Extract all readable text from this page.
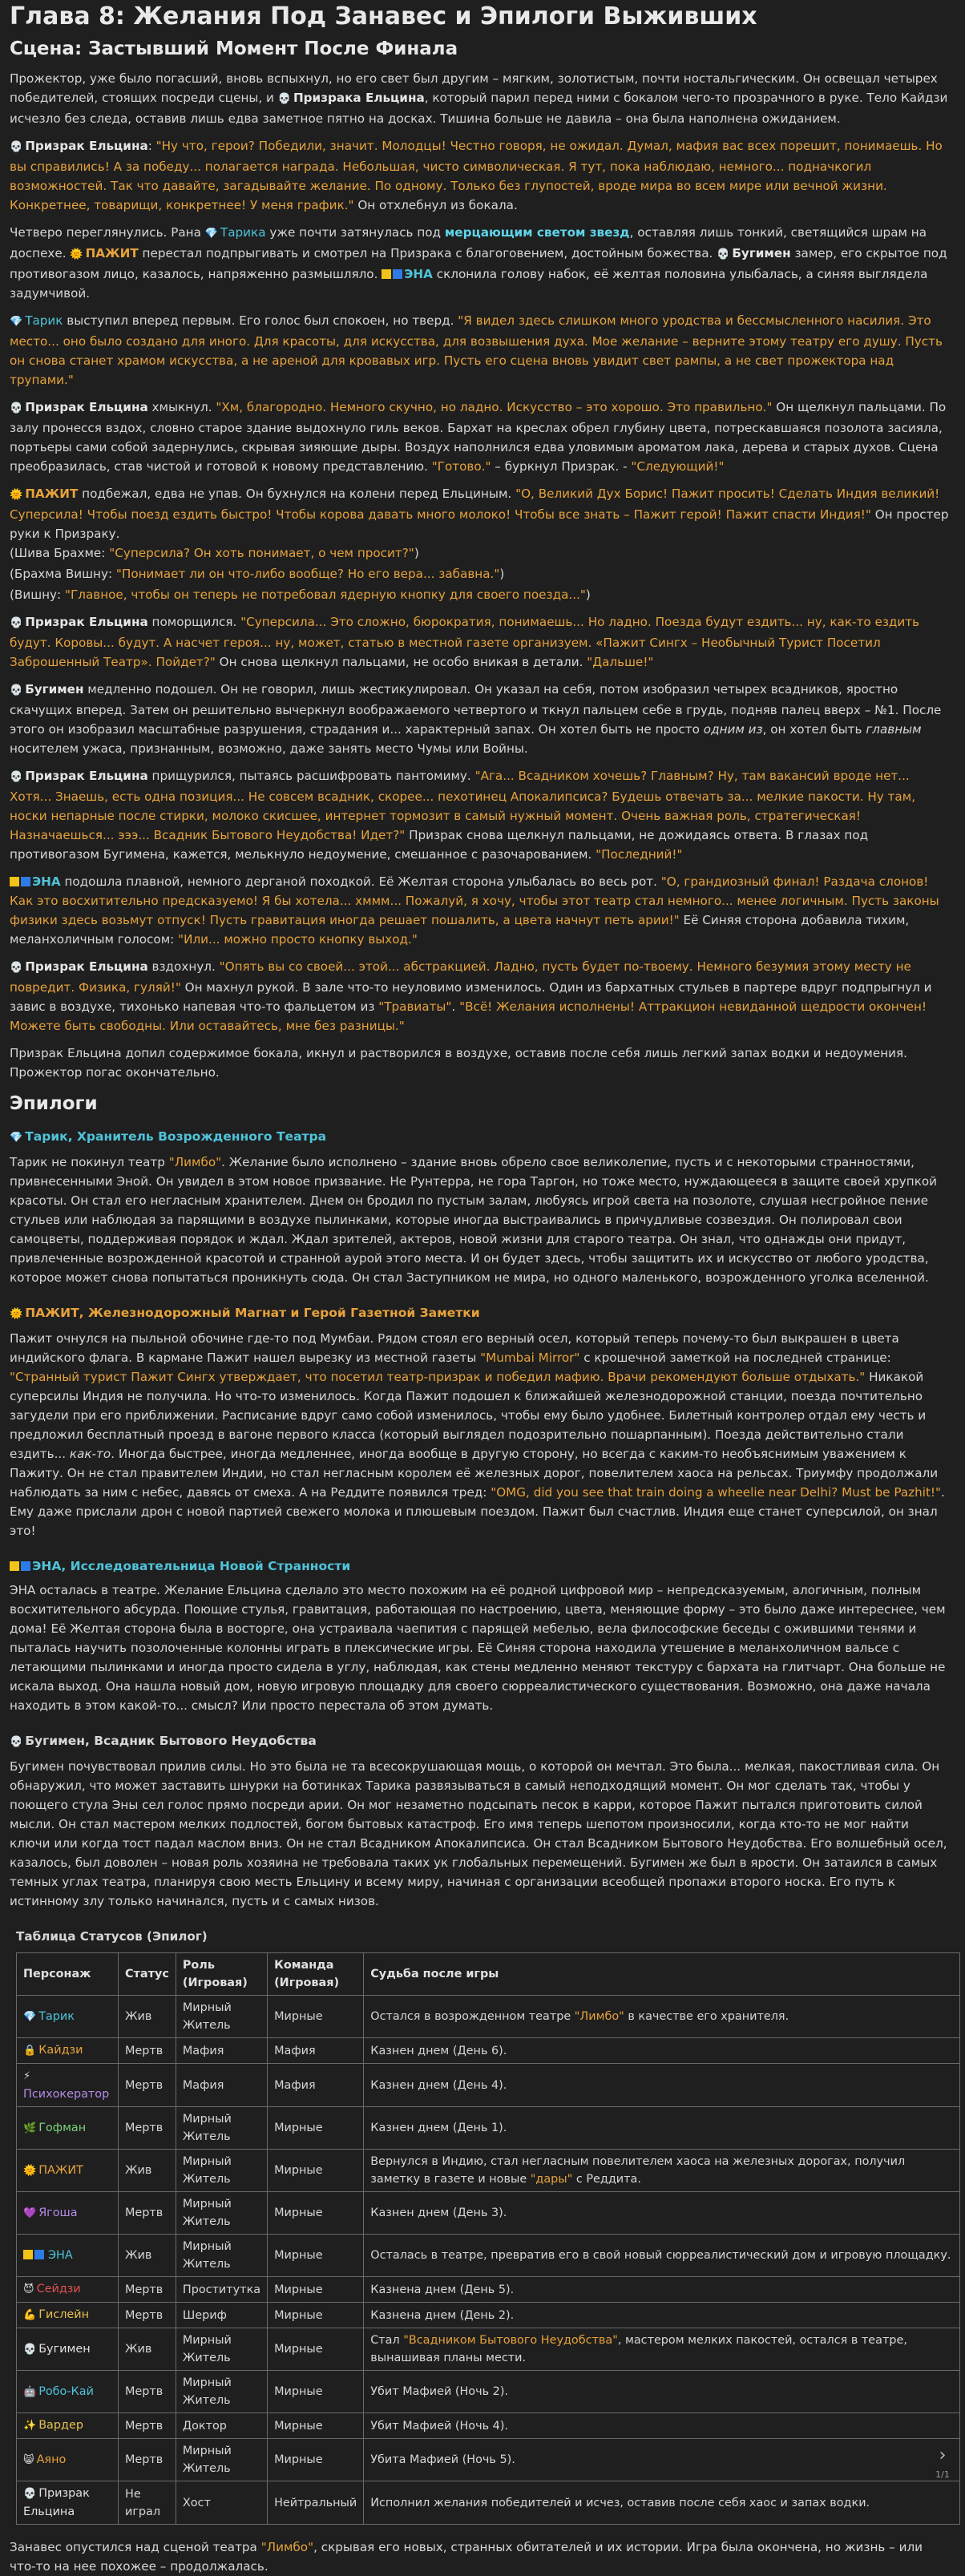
Глава 8: Желания Под Занавес и Эпилоги Выживших
Сцена: Застывший Момент После Финала

Прожектор, уже было погасший, вновь вспыхнул, но его свет был другим – мягким, золотистым, почти ностальгическим. Он освещал четырех победителей, стоящих посреди сцены, и 💀 Призрака Ельцина, который парил перед ними с бокалом чего-то прозрачного в руке. Тело Кайдзи исчезло без следа, оставив лишь едва заметное пятно на досках. Тишина больше не давила – она была наполнена ожиданием.

💀 Призрак Ельцина: "Ну что, герои? Победили, значит. Молодцы! Честно говоря, не ожидал. Думал, мафия вас всех порешит, понимаешь. Но вы справились! А за победу... полагается награда. Небольшая, чисто символическая. Я тут, пока наблюдаю, немного... подначкогил возможностей. Так что давайте, загадывайте желание. По одному. Только без глупостей, вроде мира во всем мире или вечной жизни. Конкретнее, товарищи, конкретнее! У меня график." Он отхлебнул из бокала.

Четверо переглянулись. Рана 💎 Тарика уже почти затянулась под мерцающим светом звезд, оставляя лишь тонкий, светящийся шрам на доспехе. 🌞 ПАЖИТ перестал подпрыгивать и смотрел на Призрака с благоговением, достойным божества. 💀 Бугимен замер, его скрытое под противогазом лицо, казалось, напряженно размышляло. ЭНА склонила голову набок, её желтая половина улыбалась, а синяя выглядела задумчивой.

💎 Тарик выступил вперед первым. Его голос был спокоен, но тверд. "Я видел здесь слишком много уродства и бессмысленного насилия. Это место... оно было создано для иного. Для красоты, для искусства, для возвышения духа. Мое желание – верните этому театру его душу. Пусть он снова станет храмом искусства, а не ареной для кровавых игр. Пусть его сцена вновь увидит свет рампы, а не свет прожектора над трупами."

💀 Призрак Ельцина хмыкнул. "Хм, благородно. Немного скучно, но ладно. Искусство – это хорошо. Это правильно." Он щелкнул пальцами. По залу пронесся вздох, словно старое здание выдохнуло гиль веков. Бархат на креслах обрел глубину цвета, потрескавшаяся позолота засияла, портьеры сами собой задернулись, скрывая зияющие дыры. Воздух наполнился едва уловимым ароматом лака, дерева и старых духов. Сцена преобразилась, став чистой и готовой к новому представлению. "Готово." – буркнул Призрак. - "Следующий!"

🌞 ПАЖИТ подбежал, едва не упав. Он бухнулся на колени перед Ельциным. "О, Великий Дух Борис! Пажит просить! Сделать Индия великий! Суперсила! Чтобы поезд ездить быстро! Чтобы корова давать много молоко! Чтобы все знать – Пажит герой! Пажит спасти Индия!" Он простер руки к Призраку.

(Шива Брахме: "Суперсила? Он хоть понимает, о чем просит?")

(Брахма Вишну: "Понимает ли он что-либо вообще? Но его вера... забавна.")

(Вишну: "Главное, чтобы он теперь не потребовал ядерную кнопку для своего поезда...")

💀 Призрак Ельцина поморщился. "Суперсила... Это сложно, бюрократия, понимаешь... Но ладно. Поезда будут ездить... ну, как-то ездить будут. Коровы... будут. А насчет героя... ну, может, статью в местной газете организуем. «Пажит Сингх – Необычный Турист Посетил Заброшенный Театр». Пойдет?" Он снова щелкнул пальцами, не особо вникая в детали. "Дальше!"

💀 Бугимен медленно подошел. Он не говорил, лишь жестикулировал. Он указал на себя, потом изобразил четырех всадников, яростно скачущих вперед. Затем он решительно вычеркнул воображаемого четвертого и ткнул пальцем себе в грудь, подняв палец вверх – №1. После этого он изобразил масштабные разрушения, страдания и... характерный запах. Он хотел быть не просто одним из, он хотел быть главным носителем ужаса, признанным, возможно, даже занять место Чумы или Войны.

💀 Призрак Ельцина прищурился, пытаясь расшифровать пантомиму. "Ага... Всадником хочешь? Главным? Ну, там вакансий вроде нет... Хотя... Знаешь, есть одна позиция... Не совсем всадник, скорее... пехотинец Апокалипсиса? Будешь отвечать за... мелкие пакости. Ну там, носки непарные после стирки, молоко скисшее, интернет тормозит в самый нужный момент. Очень важная роль, стратегическая! Назначаешься... эээ... Всадник Бытового Неудобства! Идет?" Призрак снова щелкнул пальцами, не дожидаясь ответа. В глазах под противогазом Бугимена, кажется, мелькнуло недоумение, смешанное с разочарованием. "Последний!"

ЭНА подошла плавной, немного дерганой походкой. Её Желтая сторона улыбалась во весь рот. "О, грандиозный финал! Раздача слонов! Как это восхитительно предсказуемо! Я бы хотела... хммм... Пожалуй, я хочу, чтобы этот театр стал немного... менее логичным. Пусть законы физики здесь возьмут отпуск! Пусть гравитация иногда решает пошалить, а цвета начнут петь арии!" Её Синяя сторона добавила тихим, меланхоличным голосом: "Или... можно просто кнопку выход."

💀 Призрак Ельцина вздохнул. "Опять вы со своей... этой... абстракцией. Ладно, пусть будет по-твоему. Немного безумия этому месту не повредит. Физика, гуляй!" Он махнул рукой. В зале что-то неуловимо изменилось. Один из бархатных стульев в партере вдруг подпрыгнул и завис в воздухе, тихонько напевая что-то фальцетом из "Травиаты". "Всё! Желания исполнены! Аттракцион невиданной щедрости окончен! Можете быть свободны. Или оставайтесь, мне без разницы."

Призрак Ельцина допил содержимое бокала, икнул и растворился в воздухе, оставив после себя лишь легкий запах водки и недоумения. Прожектор погас окончательно.

Эпилоги
💎 Тарик, Хранитель Возрожденного Театра

Тарик не покинул театр "Лимбо". Желание было исполнено – здание вновь обрело свое великолепие, пусть и с некоторыми странностями, привнесенными Эной. Он увидел в этом новое призвание. Не Рунтерра, не гора Таргон, но тоже место, нуждающееся в защите своей хрупкой красоты. Он стал его негласным хранителем. Днем он бродил по пустым залам, любуясь игрой света на позолоте, слушая несгройное пение стульев или наблюдая за парящими в воздухе пылинками, которые иногда выстраивались в причудливые созвездия. Он полировал свои самоцветы, поддерживая порядок и ждал. Ждал зрителей, актеров, новой жизни для старого театра. Он знал, что однажды они придут, привлеченные возрожденной красотой и странной аурой этого места. И он будет здесь, чтобы защитить их и искусство от любого уродства, которое может снова попытаться проникнуть сюда. Он стал Заступником не мира, но одного маленького, возрожденного уголка вселенной.

🌞 ПАЖИТ, Железнодорожный Магнат и Герой Газетной Заметки

Пажит очнулся на пыльной обочине где-то под Мумбаи. Рядом стоял его верный осел, который теперь почему-то был выкрашен в цвета индийского флага. В кармане Пажит нашел вырезку из местной газеты "Mumbai Mirror" с крошечной заметкой на последней странице: "Странный турист Пажит Сингх утверждает, что посетил театр-призрак и победил мафию. Врачи рекомендуют больше отдыхать." Никакой суперсилы Индия не получила. Но что-то изменилось. Когда Пажит подошел к ближайшей железнодорожной станции, поезда почтительно загудели при его приближении. Расписание вдруг само собой изменилось, чтобы ему было удобнее. Билетный контролер отдал ему честь и предложил бесплатный проезд в вагоне первого класса (который выглядел подозрительно пошарпанным). Поезда действительно стали ездить... как-то. Иногда быстрее, иногда медленнее, иногда вообще в другую сторону, но всегда с каким-то необъяснимым уважением к Пажиту. Он не стал правителем Индии, но стал негласным королем её железных дорог, повелителем хаоса на рельсах. Триумфу продолжали наблюдать за ним с небес, давясь от смеха. А на Реддите появился тред: "OMG, did you see that train doing a wheelie near Delhi? Must be Pazhit!". Ему даже прислали дрон с новой партией свежего молока и плюшевым поездом. Пажит был счастлив. Индия еще станет суперсилой, он знал это!

ЭНА, Исследовательница Новой Странности

ЭНА осталась в театре. Желание Ельцина сделало это место похожим на её родной цифровой мир – непредсказуемым, алогичным, полным восхитительного абсурда. Поющие стулья, гравитация, работающая по настроению, цвета, меняющие форму – это было даже интереснее, чем дома! Её Желтая сторона была в восторге, она устраивала чаепития с парящей мебелью, вела философские беседы с ожившими тенями и пыталась научить позолоченные колонны играть в плексические игры. Её Синяя сторона находила утешение в меланхоличном вальсе с летающими пылинками и иногда просто сидела в углу, наблюдая, как стены медленно меняют текстуру с бархата на глитчарт. Она больше не искала выход. Она нашла новый дом, новую игровую площадку для своего сюрреалистического существования. Возможно, она даже начала находить в этом какой-то... смысл? Или просто перестала об этом думать.

💀 Бугимен, Всадник Бытового Неудобства

Бугимен почувствовал прилив силы. Но это была не та всесокрушающая мощь, о которой он мечтал. Это была... мелкая, пакостливая сила. Он обнаружил, что может заставить шнурки на ботинках Тарика развязываться в самый неподходящий момент. Он мог сделать так, чтобы у поющего стула Эны сел голос прямо посреди арии. Он мог незаметно подсыпать песок в карри, которое Пажит пытался приготовить силой мысли. Он стал мастером мелких подлостей, богом бытовых катастроф. Его имя теперь шепотом произносили, когда кто-то не мог найти ключи или когда тост падал маслом вниз. Он не стал Всадником Апокалипсиса. Он стал Всадником Бытового Неудобства. Его волшебный осел, казалось, был доволен – новая роль хозяина не требовала таких ук глобальных перемещений. Бугимен же был в ярости. Он затаился в самых темных углах театра, планируя свою месть Ельцину и всему миру, начиная с организации всеобщей пропажи второго носка. Его путь к истинному злу только начинался, пусть и с самых низов.

Таблица Статусов (Эпилог)
Персонаж	Статус	Роль (Игровая)	Команда (Игровая)	Судьба после игры
💎 Тарик	Жив	Мирный Житель	Мирные	Остался в возрожденном театре "Лимбо" в качестве его хранителя.
🔒 Кайдзи	Мертв	Мафия	Мафия	Казнен днем (День 6).
⚡Психокератор	Мертв	Мафия	Мафия	Казнен днем (День 4).
🌿 Гофман	Мертв	Мирный Житель	Мирные	Казнен днем (День 1).
🌞 ПАЖИТ	Жив	Мирный Житель	Мирные	Вернулся в Индию, стал негласным повелителем хаоса на железных дорогах, получил заметку в газете и новые "дары" с Реддита.
💜 Ягоша	Мертв	Мирный Житель	Мирные	Казнен днем (День 3).
ЭНА	Жив	Мирный Житель	Мирные	Осталась в театре, превратив его в свой новый сюрреалистический дом и игровую площадку.
😈 Сейдзи	Мертв	Проститутка	Мирные	Казнена днем (День 5).
💪 Гислейн	Мертв	Шериф	Мирные	Казнена днем (День 2).
💀 Бугимен	Жив	Мирный Житель	Мирные	Стал "Всадником Бытового Неудобства", мастером мелких пакостей, остался в театре, вынашивая планы мести.
🤖 Робо-Кай	Мертв	Мирный Житель	Мирные	Убит Мафией (Ночь 2).
✨ Вардер	Мертв	Доктор	Мирные	Убит Мафией (Ночь 4).
😸 Аяно	Мертв	Мирный Житель	Мирные	Убита Мафией (Ночь 5).
💀 Призрак Ельцина	Не играл	Хост	Нейтральный	Исполнил желания победителей и исчез, оставив после себя хаос и запах водки.

Занавес опустился над сценой театра "Лимбо", скрывая его новых, странных обитателей и их истории. Игра была окончена, но жизнь – или что-то на нее похожее – продолжалась.

›
1/1
